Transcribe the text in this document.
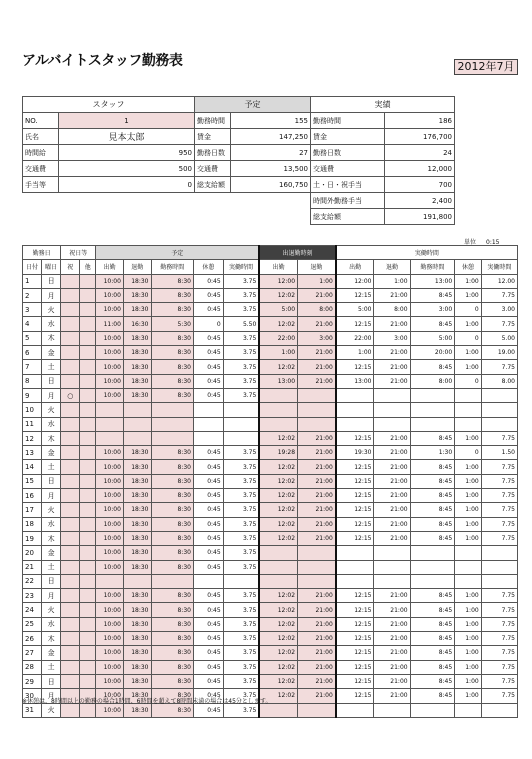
アルバイトスタッフ勤務表	2012年7月
スタッフ		予定		実績	
NO.	1	勤務時間	155	勤務時間	186
氏名	見本太郎	賃金	147,250	賃金	176,700
時間給	950	勤務日数	27	勤務日数	24
交通費	500	交通費	13,500	交通費	12,000
手当等	0	総支給額	160,750	土・日・祝手当	700
				時間外勤務手当	2,400
				総支給額	191,800
単位 0:15
勤務日		祝日等		予定					出退勤時刻		実働時間				
日付	曜日	祝	他	出勤	退勤	勤務時間	休憩	実働時間	出勤	退勤	出勤	退勤	勤務時間	休憩	実働時間
1	日			10:00	18:30	8:30	0:45	3.75	12:00	1:00	12:00	1:00	13:00	1:00	12.00
2	月			10:00	18:30	8:30	0:45	3.75	12:02	21:00	12:15	21:00	8:45	1:00	7.75
3	火			10:00	18:30	8:30	0:45	3.75	5:00	8:00	5:00	8:00	3:00	0	3.00
4	水			11:00	16:30	5:30	0	5.50	12:02	21:00	12:15	21:00	8:45	1:00	7.75
5	木			10:00	18:30	8:30	0:45	3.75	22:00	3:00	22:00	3:00	5:00	0	5.00
6	金			10:00	18:30	8:30	0:45	3.75	1:00	21:00	1:00	21:00	20:00	1:00	19.00
7	土			10:00	18:30	8:30	0:45	3.75	12:02	21:00	12:15	21:00	8:45	1:00	7.75
8	日			10:00	18:30	8:30	0:45	3.75	13:00	21:00	13:00	21:00	8:00	0	8.00
9	月	○		10:00	18:30	8:30	0:45	3.75							
10	火														
11	水														
12	木								12:02	21:00	12:15	21:00	8:45	1:00	7.75
13	金			10:00	18:30	8:30	0:45	3.75	19:28	21:00	19:30	21:00	1:30	0	1.50
14	土			10:00	18:30	8:30	0:45	3.75	12:02	21:00	12:15	21:00	8:45	1:00	7.75
15	日			10:00	18:30	8:30	0:45	3.75	12:02	21:00	12:15	21:00	8:45	1:00	7.75
16	月			10:00	18:30	8:30	0:45	3.75	12:02	21:00	12:15	21:00	8:45	1:00	7.75
17	火			10:00	18:30	8:30	0:45	3.75	12:02	21:00	12:15	21:00	8:45	1:00	7.75
18	水			10:00	18:30	8:30	0:45	3.75	12:02	21:00	12:15	21:00	8:45	1:00	7.75
19	木			10:00	18:30	8:30	0:45	3.75	12:02	21:00	12:15	21:00	8:45	1:00	7.75
20	金			10:00	18:30	8:30	0:45	3.75							
21	土			10:00	18:30	8:30	0:45	3.75							
22	日														
23	月			10:00	18:30	8:30	0:45	3.75	12:02	21:00	12:15	21:00	8:45	1:00	7.75
24	火			10:00	18:30	8:30	0:45	3.75	12:02	21:00	12:15	21:00	8:45	1:00	7.75
25	水			10:00	18:30	8:30	0:45	3.75	12:02	21:00	12:15	21:00	8:45	1:00	7.75
26	木			10:00	18:30	8:30	0:45	3.75	12:02	21:00	12:15	21:00	8:45	1:00	7.75
27	金			10:00	18:30	8:30	0:45	3.75	12:02	21:00	12:15	21:00	8:45	1:00	7.75
28	土			10:00	18:30	8:30	0:45	3.75	12:02	21:00	12:15	21:00	8:45	1:00	7.75
29	日			10:00	18:30	8:30	0:45	3.75	12:02	21:00	12:15	21:00	8:45	1:00	7.75
30	月			10:00	18:30	8:30	0:45	3.75	12:02	21:00	12:15	21:00	8:45	1:00	7.75
31	火			10:00	18:30	8:30	0:45	3.75							
※休憩は、8時間以上の勤務の場合1時間、6時間を超えて8時間未満の場合は45分とします。
